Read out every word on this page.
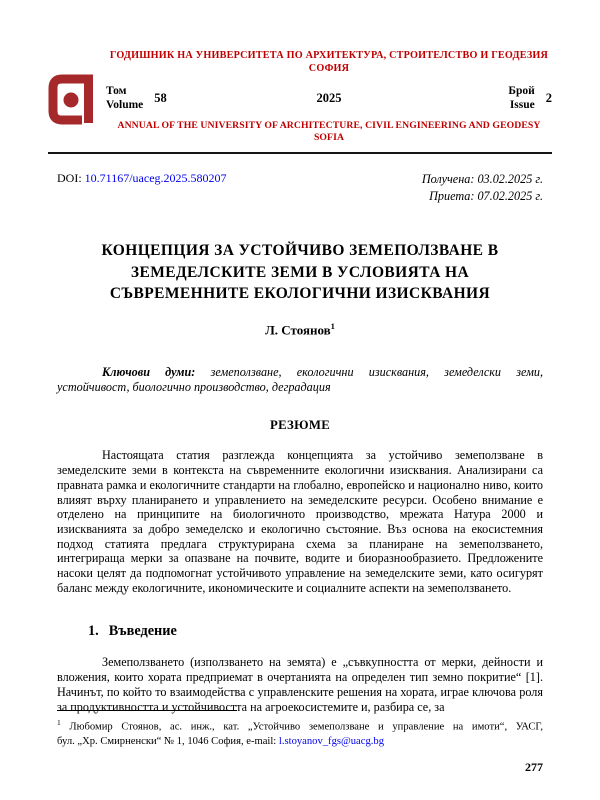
ГОДИШНИК НА УНИВЕРСИТЕТА ПО АРХИТЕКТУРА, СТРОИТЕЛСТВО И ГЕОДЕЗИЯ
СОФИЯ
Том
Volume 58	2025	Брой
Issue 2
ANNUAL OF THE UNIVERSITY OF ARCHITECTURE, CIVIL ENGINEERING AND GEODESY
SOFIA
DOI: 10.71167/uaceg.2025.580207	Получена: 03.02.2025 г.
Приета: 07.02.2025 г.
КОНЦЕПЦИЯ ЗА УСТОЙЧИВО ЗЕМЕПОЛЗВАНЕ В ЗЕМЕДЕЛСКИТЕ ЗЕМИ В УСЛОВИЯТА НА СЪВРЕМЕННИТЕ ЕКОЛОГИЧНИ ИЗИСКВАНИЯ
Л. Стоянов$^1$

Ключови думи: земеползване, екологични изисквания, земеделски земи, устойчивост, биологично производство, деградация

РЕЗЮМЕ

Настоящата статия разглежда концепцията за устойчиво земеползване в земеделските земи в контекста на съвременните екологични изисквания. Анализирани са правната рамка и екологичните стандарти на глобално, европейско и национално ниво, които влияят върху планирането и управлението на земеделските ресурси. Особено внимание е отделено на принципите на биологичното производство, мрежата Натура 2000 и изискванията за добро земеделско и екологично състояние. Въз основа на екосистемния подход статията предлага структурирана схема за планиране на земеползването, интегрираща мерки за опазване на почвите, водите и биоразнообразието. Предложените насоки целят да подпомогнат устойчивото управление на земеделските земи, като осигурят баланс между екологичните, икономическите и социалните аспекти на земеползването.

1. Въведение

Земеползването (използването на земята) е „съвкупността от мерки, дейности и вложения, които хората предприемат в очертанията на определен тип земно покритие“ [1]. Начинът, по който то взаимодейства с управленските решения на хората, играе ключова роля за продуктивността и устойчивостта на агроекосистемите и, разбира се, за

$^1$ Любомир Стоянов, ас. инж., кат. „Устойчиво земеползване и управление на имоти“, УАСГ,
бул. „Хр. Смирненски“ № 1, 1046 София, e-mail: l.stoyanov_fgs@uacg.bg
277
